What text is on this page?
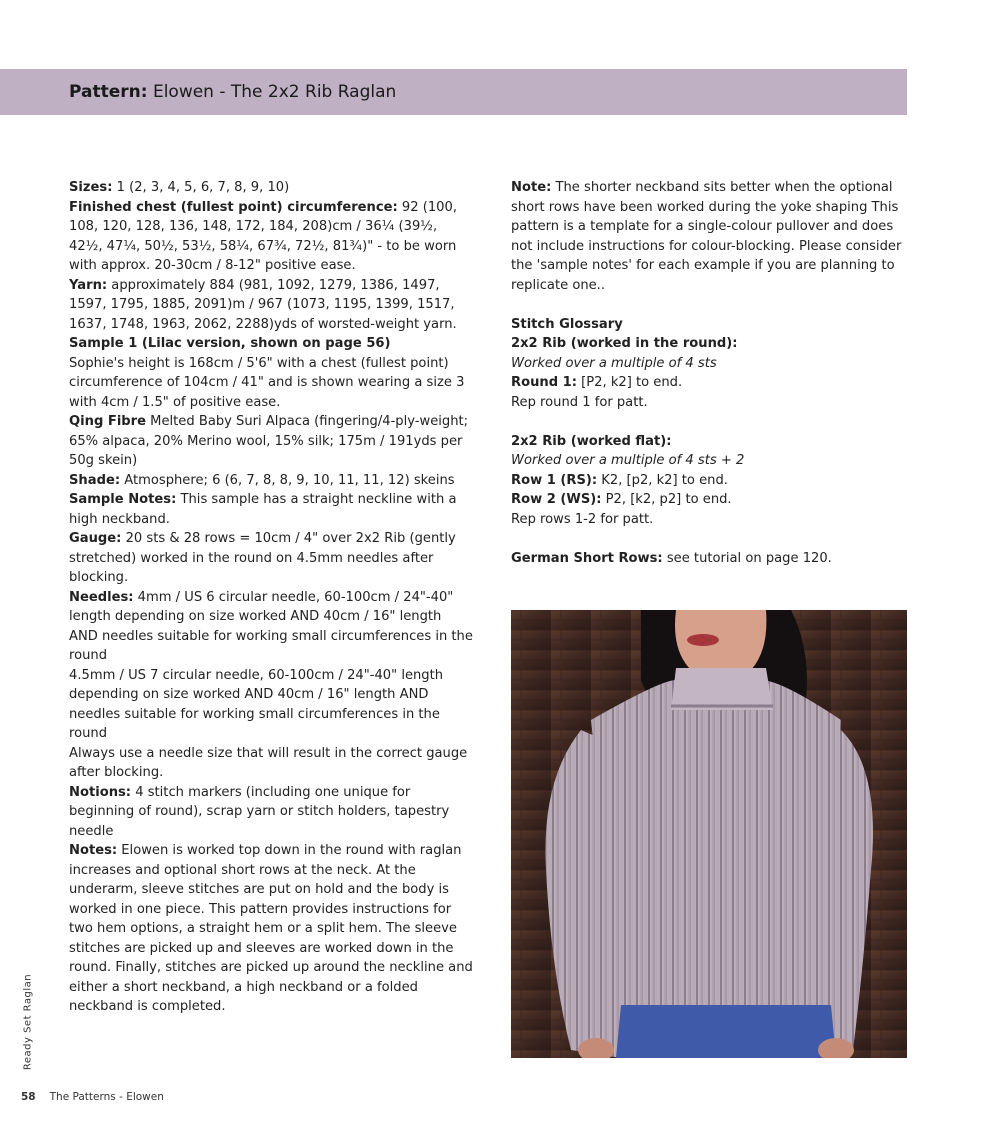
Pattern: Elowen - The 2x2 Rib Raglan

Sizes: 1 (2, 3, 4, 5, 6, 7, 8, 9, 10)

Finished chest (fullest point) circumference: 92 (100, 108, 120, 128, 136, 148, 172, 184, 208)cm / 36¼ (39½, 42½, 47¼, 50½, 53½, 58¼, 67¾, 72½, 81¾)" - to be worn with approx. 20-30cm / 8-12" positive ease.

Yarn: approximately 884 (981, 1092, 1279, 1386, 1497, 1597, 1795, 1885, 2091)m / 967 (1073, 1195, 1399, 1517, 1637, 1748, 1963, 2062, 2288)yds of worsted-weight yarn.

Sample 1 (Lilac version, shown on page 56)

Sophie's height is 168cm / 5'6" with a chest (fullest point) circumference of 104cm / 41" and is shown wearing a size 3 with 4cm / 1.5" of positive ease.

Qing Fibre Melted Baby Suri Alpaca (fingering/4-ply-weight; 65% alpaca, 20% Merino wool, 15% silk; 175m / 191yds per 50g skein)

Shade: Atmosphere; 6 (6, 7, 8, 8, 9, 10, 11, 11, 12) skeins

Sample Notes: This sample has a straight neckline with a high neckband.

Gauge: 20 sts & 28 rows = 10cm / 4" over 2x2 Rib (gently stretched) worked in the round on 4.5mm needles after blocking.

Needles: 4mm / US 6 circular needle, 60-100cm / 24"-40" length depending on size worked AND 40cm / 16" length AND needles suitable for working small circumferences in the round

4.5mm / US 7 circular needle, 60-100cm / 24"-40" length depending on size worked AND 40cm / 16" length AND needles suitable for working small circumferences in the round

Always use a needle size that will result in the correct gauge after blocking.

Notions: 4 stitch markers (including one unique for beginning of round), scrap yarn or stitch holders, tapestry needle

Notes: Elowen is worked top down in the round with raglan increases and optional short rows at the neck. At the underarm, sleeve stitches are put on hold and the body is worked in one piece. This pattern provides instructions for two hem options, a straight hem or a split hem. The sleeve stitches are picked up and sleeves are worked down in the round. Finally, stitches are picked up around the neckline and either a short neckband, a high neckband or a folded neckband is completed.

Note: The shorter neckband sits better when the optional short rows have been worked during the yoke shaping This pattern is a template for a single-colour pullover and does not include instructions for colour-blocking. Please consider the 'sample notes' for each example if you are planning to replicate one..

Stitch Glossary

2x2 Rib (worked in the round):

Worked over a multiple of 4 sts

Round 1: [P2, k2] to end.

Rep round 1 for patt.

2x2 Rib (worked flat):

Worked over a multiple of 4 sts + 2

Row 1 (RS): K2, [p2, k2] to end.

Row 2 (WS): P2, [k2, p2] to end.

Rep rows 1-2 for patt.

German Short Rows: see tutorial on page 120.

Ready Set Raglan
58 The Patterns - Elowen
